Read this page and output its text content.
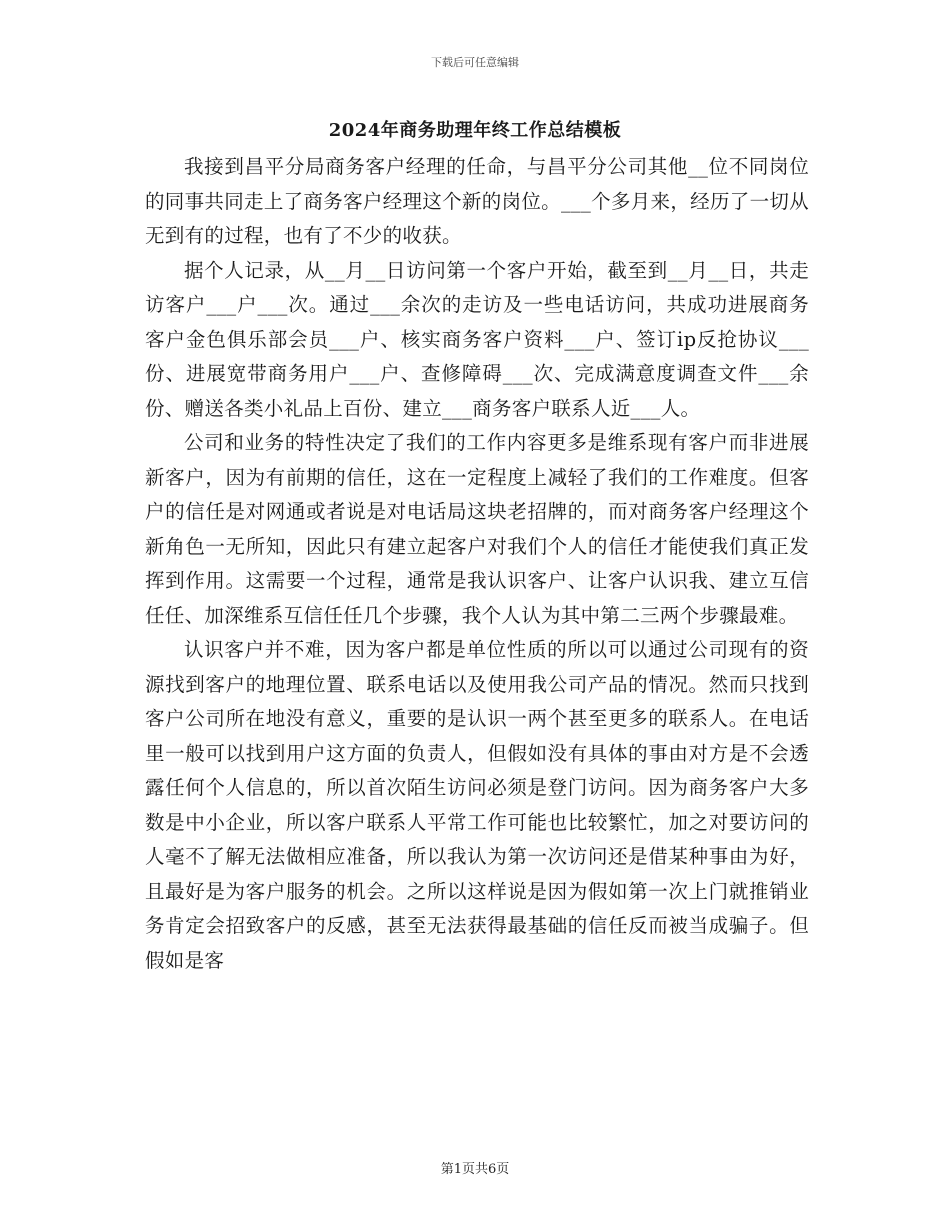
下载后可任意编辑
2024年商务助理年终工作总结模板

我接到昌平分局商务客户经理的任命，与昌平分公司其他__位不同岗位的同事共同走上了商务客户经理这个新的岗位。___个多月来，经历了一切从无到有的过程，也有了不少的收获。

据个人记录，从__月__日访问第一个客户开始，截至到__月__日，共走访客户___户___次。通过___余次的走访及一些电话访问，共成功进展商务客户金色俱乐部会员___户、核实商务客户资料___户、签订ip反抢协议___份、进展宽带商务用户___户、查修障碍___次、完成满意度调查文件___余份、赠送各类小礼品上百份、建立___商务客户联系人近___人。

公司和业务的特性决定了我们的工作内容更多是维系现有客户而非进展新客户，因为有前期的信任，这在一定程度上减轻了我们的工作难度。但客户的信任是对网通或者说是对电话局这块老招牌的，而对商务客户经理这个新角色一无所知，因此只有建立起客户对我们个人的信任才能使我们真正发挥到作用。这需要一个过程，通常是我认识客户、让客户认识我、建立互信任任、加深维系互信任任几个步骤，我个人认为其中第二三两个步骤最难。

认识客户并不难，因为客户都是单位性质的所以可以通过公司现有的资源找到客户的地理位置、联系电话以及使用我公司产品的情况。然而只找到客户公司所在地没有意义，重要的是认识一两个甚至更多的联系人。在电话里一般可以找到用户这方面的负责人，但假如没有具体的事由对方是不会透露任何个人信息的，所以首次陌生访问必须是登门访问。因为商务客户大多数是中小企业，所以客户联系人平常工作可能也比较繁忙，加之对要访问的人毫不了解无法做相应准备，所以我认为第一次访问还是借某种事由为好，且最好是为客户服务的机会。之所以这样说是因为假如第一次上门就推销业务肯定会招致客户的反感，甚至无法获得最基础的信任反而被当成骗子。但假如是客

第1页共6页
